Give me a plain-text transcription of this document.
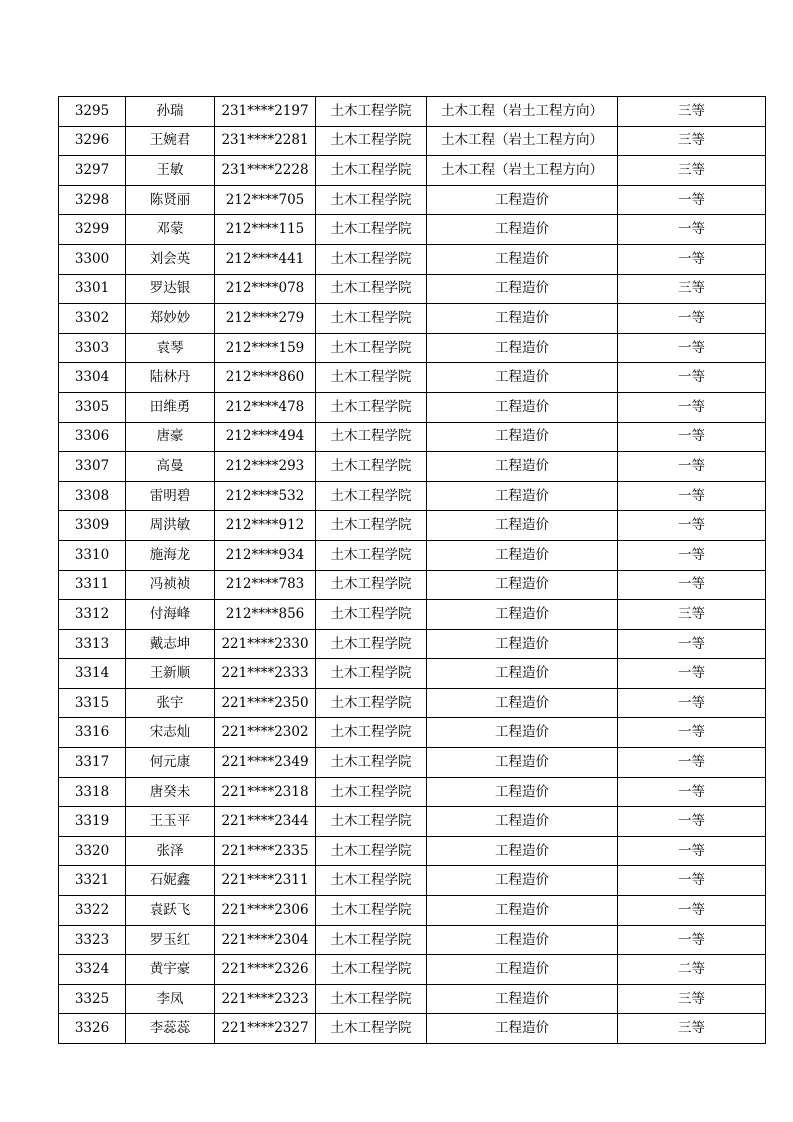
3295	孙瑞	231****2197	土木工程学院	土木工程（岩土工程方向）	三等
3296	王婉君	231****2281	土木工程学院	土木工程（岩土工程方向）	三等
3297	王敏	231****2228	土木工程学院	土木工程（岩土工程方向）	三等
3298	陈贤丽	212****705	土木工程学院	工程造价	一等
3299	邓蒙	212****115	土木工程学院	工程造价	一等
3300	刘会英	212****441	土木工程学院	工程造价	一等
3301	罗达银	212****078	土木工程学院	工程造价	三等
3302	郑妙妙	212****279	土木工程学院	工程造价	一等
3303	袁琴	212****159	土木工程学院	工程造价	一等
3304	陆林丹	212****860	土木工程学院	工程造价	一等
3305	田维勇	212****478	土木工程学院	工程造价	一等
3306	唐豪	212****494	土木工程学院	工程造价	一等
3307	高曼	212****293	土木工程学院	工程造价	一等
3308	雷明碧	212****532	土木工程学院	工程造价	一等
3309	周洪敏	212****912	土木工程学院	工程造价	一等
3310	施海龙	212****934	土木工程学院	工程造价	一等
3311	冯祯祯	212****783	土木工程学院	工程造价	一等
3312	付海峰	212****856	土木工程学院	工程造价	三等
3313	戴志坤	221****2330	土木工程学院	工程造价	一等
3314	王新顺	221****2333	土木工程学院	工程造价	一等
3315	张宇	221****2350	土木工程学院	工程造价	一等
3316	宋志灿	221****2302	土木工程学院	工程造价	一等
3317	何元康	221****2349	土木工程学院	工程造价	一等
3318	唐癸未	221****2318	土木工程学院	工程造价	一等
3319	王玉平	221****2344	土木工程学院	工程造价	一等
3320	张泽	221****2335	土木工程学院	工程造价	一等
3321	石妮鑫	221****2311	土木工程学院	工程造价	一等
3322	袁跃飞	221****2306	土木工程学院	工程造价	一等
3323	罗玉红	221****2304	土木工程学院	工程造价	一等
3324	黄宇豪	221****2326	土木工程学院	工程造价	二等
3325	李凤	221****2323	土木工程学院	工程造价	三等
3326	李蕊蕊	221****2327	土木工程学院	工程造价	三等
